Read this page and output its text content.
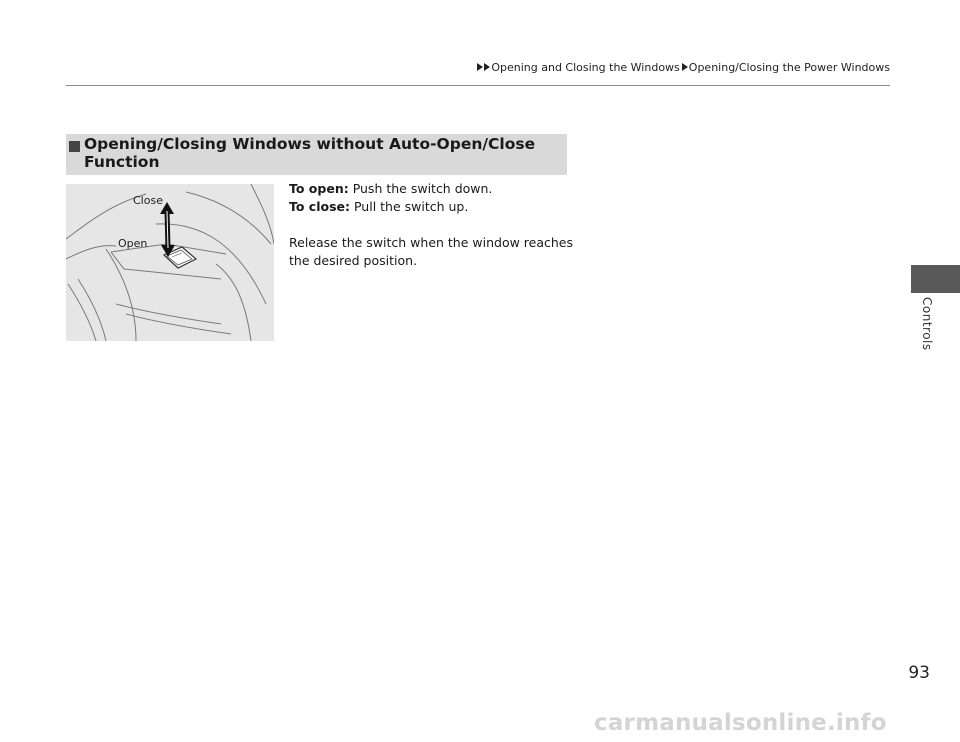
Opening and Closing the Windows Opening/Closing the Power Windows
Controls
Opening/Closing Windows without Auto-Open/Close Function
Close
Open

To open: Push the switch down.

To close: Pull the switch up.

Release the switch when the window reaches the desired position.

93
carmanualsonline.info
